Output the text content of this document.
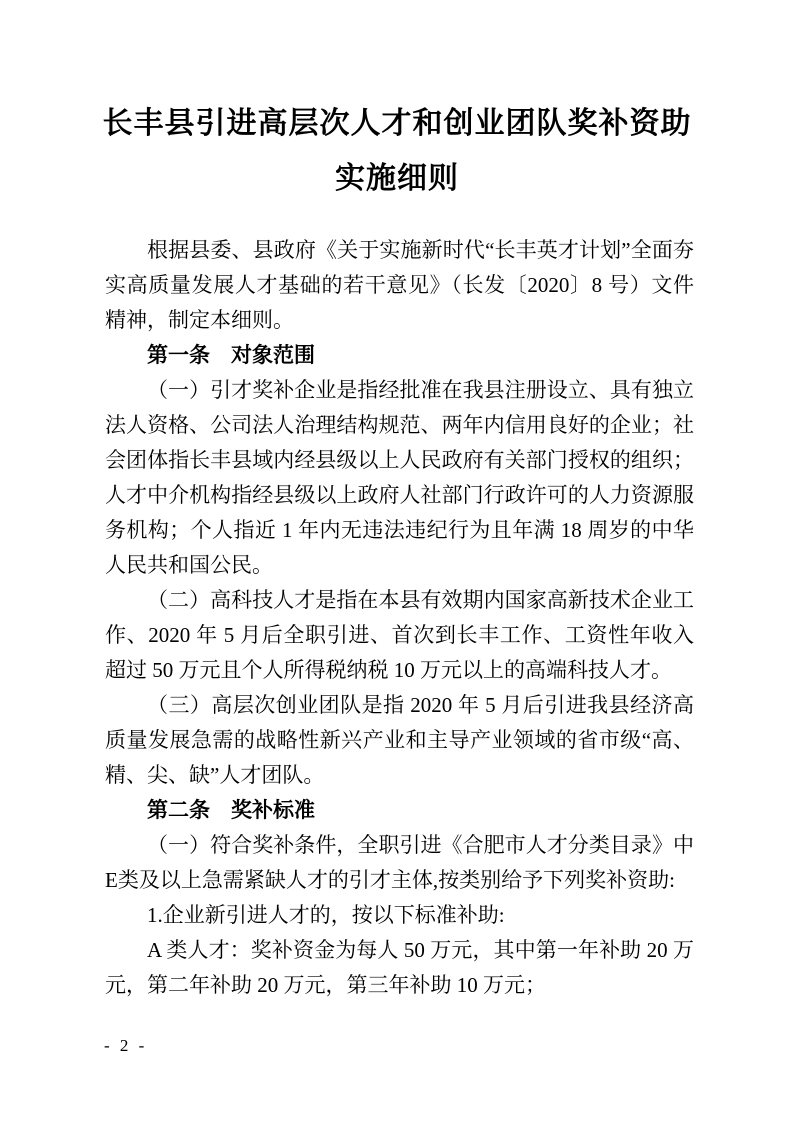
长丰县引进高层次人才和创业团队奖补资助
实施细则

根据县委、县政府《关于实施新时代“长丰英才计划”全面夯实高质量发展人才基础的若干意见》（长发〔2020〕8 号）文件精神，制定本细则。

第一条　对象范围

（一）引才奖补企业是指经批准在我县注册设立、具有独立法人资格、公司法人治理结构规范、两年内信用良好的企业；社会团体指长丰县域内经县级以上人民政府有关部门授权的组织；人才中介机构指经县级以上政府人社部门行政许可的人力资源服务机构；个人指近 1 年内无违法违纪行为且年满 18 周岁的中华人民共和国公民。

（二）高科技人才是指在本县有效期内国家高新技术企业工作、2020 年 5 月后全职引进、首次到长丰工作、工资性年收入超过 50 万元且个人所得税纳税 10 万元以上的高端科技人才。

（三）高层次创业团队是指 2020 年 5 月后引进我县经济高质量发展急需的战略性新兴产业和主导产业领域的省市级“高、精、尖、缺”人才团队。

第二条　奖补标准

（一）符合奖补条件，全职引进《合肥市人才分类目录》中E类及以上急需紧缺人才的引才主体,按类别给予下列奖补资助:

1.企业新引进人才的，按以下标准补助:

A 类人才：奖补资金为每人 50 万元，其中第一年补助 20 万元，第二年补助 20 万元，第三年补助 10 万元；

- 2 -
